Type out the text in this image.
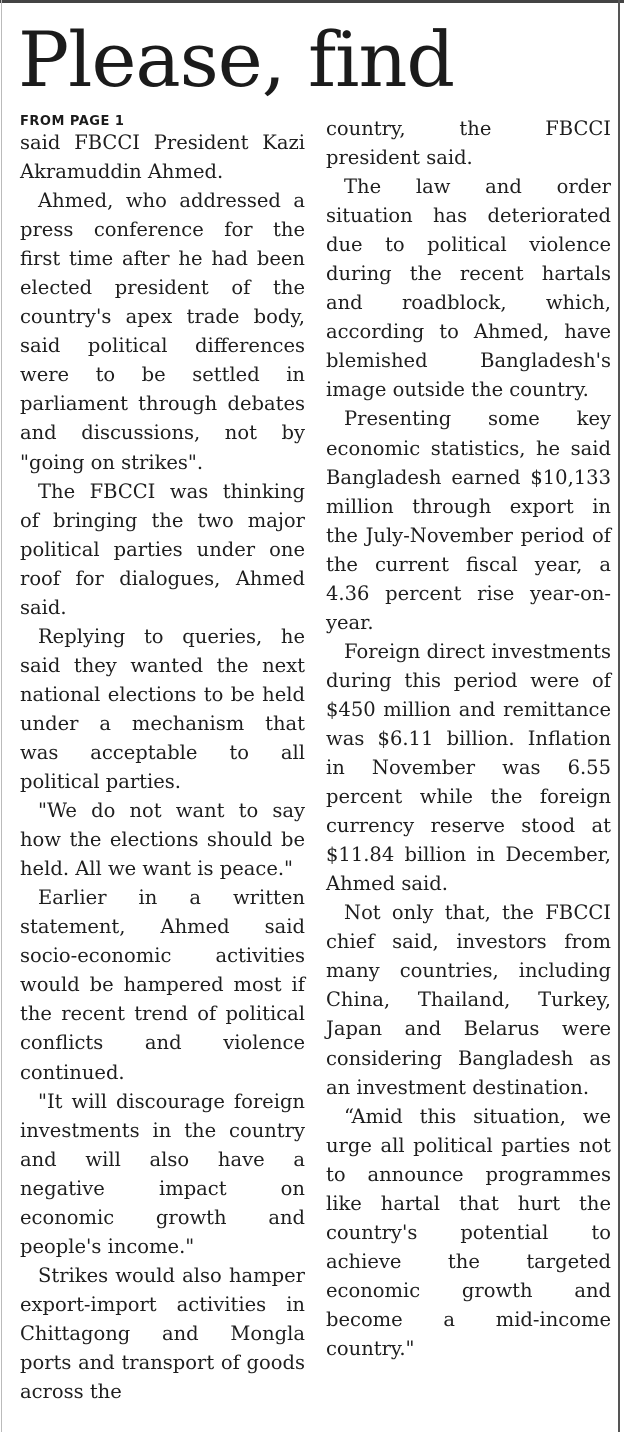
Please, find
FROM PAGE 1

said FBCCI President Kazi Akramuddin Ahmed.

Ahmed, who addressed a press conference for the first time after he had been elected president of the country's apex trade body, said political differences were to be settled in parliament through debates and discussions, not by "going on strikes".

The FBCCI was thinking of bringing the two major political parties under one roof for dialogues, Ahmed said.

Replying to queries, he said they wanted the next national elections to be held under a mechanism that was acceptable to all political parties.

"We do not want to say how the elections should be held. All we want is peace."

Earlier in a written statement, Ahmed said socio-economic activities would be hampered most if the recent trend of political conflicts and violence continued.

"It will discourage foreign investments in the country and will also have a negative impact on economic growth and people's income."

Strikes would also hamper export-import activities in Chittagong and Mongla ports and transport of goods across the

country, the FBCCI president said.

The law and order situation has deteriorated due to political violence during the recent hartals and roadblock, which, according to Ahmed, have blemished Bangladesh's image outside the country.

Presenting some key economic statistics, he said Bangladesh earned $10,133 million through export in the July-November period of the current fiscal year, a 4.36 percent rise year-on-year.

Foreign direct investments during this period were of $450 million and remittance was $6.11 billion. Inflation in November was 6.55 percent while the foreign currency reserve stood at $11.84 billion in December, Ahmed said.

Not only that, the FBCCI chief said, investors from many countries, including China, Thailand, Turkey, Japan and Belarus were considering Bangladesh as an investment destination.

“Amid this situation, we urge all political parties not to announce programmes like hartal that hurt the country's potential to achieve the targeted economic growth and become a mid-income country."
